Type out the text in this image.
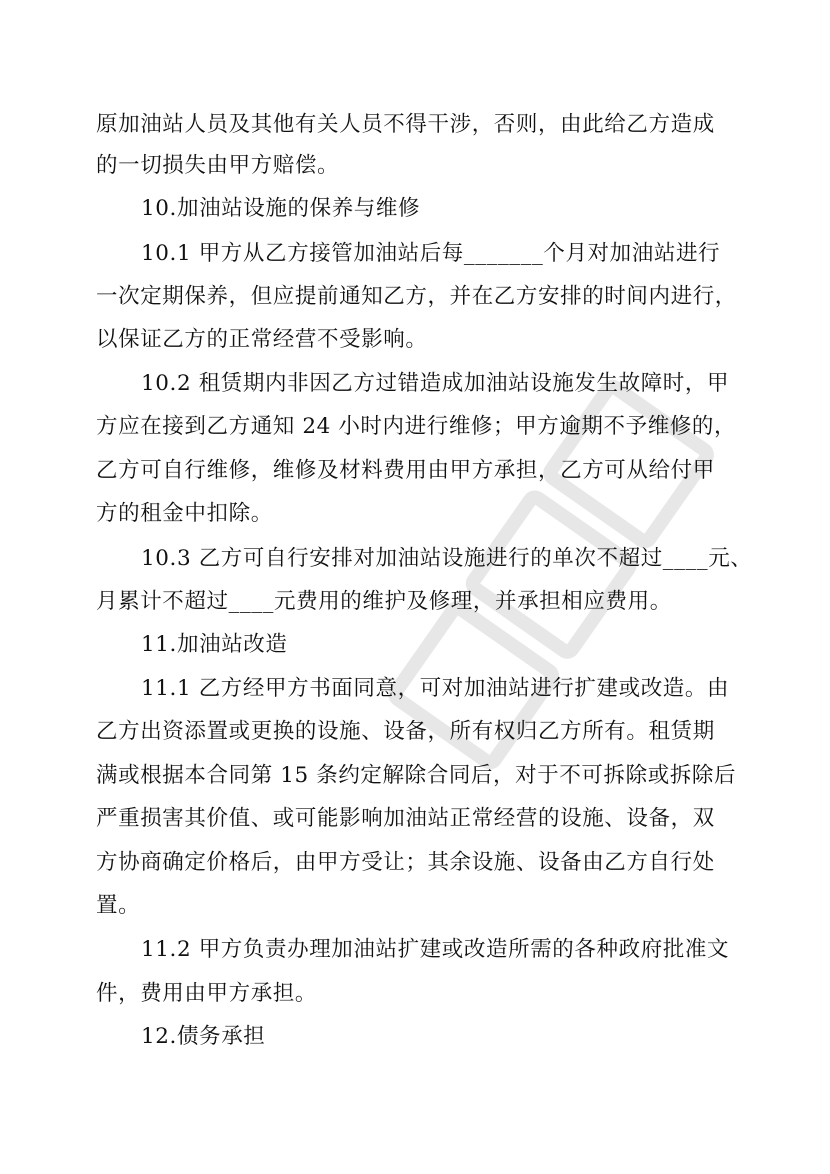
原加油站人员及其他有关人员不得干涉，否则，由此给乙方造成
的一切损失由甲方赔偿。
10.加油站设施的保养与维修
10.1 甲方从乙方接管加油站后每_______个月对加油站进行
一次定期保养，但应提前通知乙方，并在乙方安排的时间内进行，
以保证乙方的正常经营不受影响。
10.2 租赁期内非因乙方过错造成加油站设施发生故障时，甲
方应在接到乙方通知 24 小时内进行维修；甲方逾期不予维修的，
乙方可自行维修，维修及材料费用由甲方承担，乙方可从给付甲
方的租金中扣除。
10.3 乙方可自行安排对加油站设施进行的单次不超过____元、
月累计不超过____元费用的维护及修理，并承担相应费用。
11.加油站改造
11.1 乙方经甲方书面同意，可对加油站进行扩建或改造。由
乙方出资添置或更换的设施、设备，所有权归乙方所有。租赁期
满或根据本合同第 15 条约定解除合同后，对于不可拆除或拆除后
严重损害其价值、或可能影响加油站正常经营的设施、设备，双
方协商确定价格后，由甲方受让；其余设施、设备由乙方自行处
置。
11.2 甲方负责办理加油站扩建或改造所需的各种政府批准文
件，费用由甲方承担。
12.债务承担
